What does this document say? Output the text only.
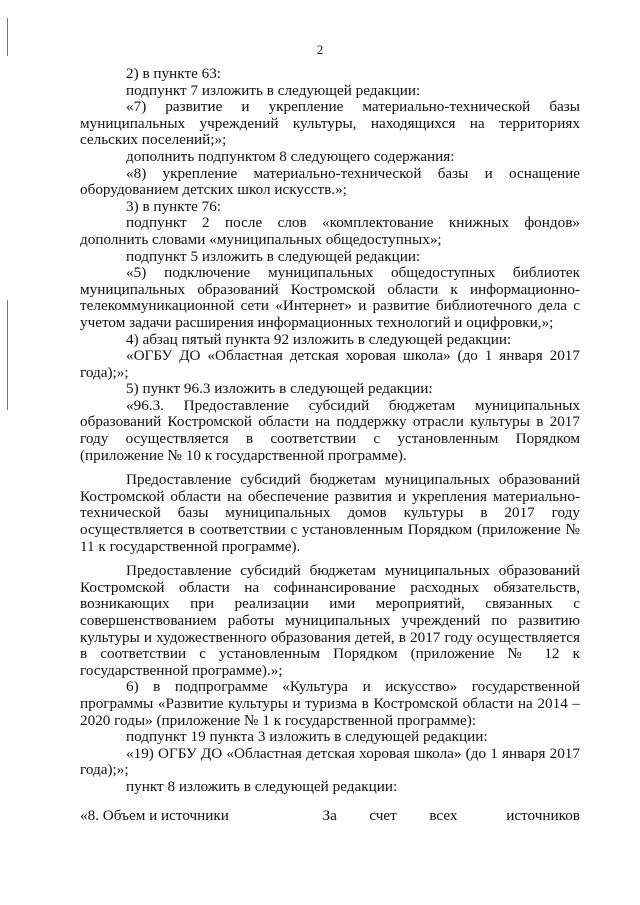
2

2) в пункте 63:

подпункт 7 изложить в следующей редакции:

«7) развитие и укрепление материально-технической базы муниципальных учреждений культуры, находящихся на территориях сельских поселений;»;

дополнить подпунктом 8 следующего содержания:

«8) укрепление материально-технической базы и оснащение оборудованием детских школ искусств.»;

3) в пункте 76:

подпункт 2 после слов «комплектование книжных фондов» дополнить словами «муниципальных общедоступных»;

подпункт 5 изложить в следующей редакции:

«5) подключение муниципальных общедоступных библиотек муниципальных образований Костромской области к информационно-телекоммуникационной сети «Интернет» и развитие библиотечного дела с учетом задачи расширения информационных технологий и оцифровки,»;

4) абзац пятый пункта 92 изложить в следующей редакции:

«ОГБУ ДО «Областная детская хоровая школа» (до 1 января 2017 года);»;

5) пункт 96.3 изложить в следующей редакции:

«96.3. Предоставление субсидий бюджетам муниципальных образований Костромской области на поддержку отрасли культуры в 2017 году осуществляется в соответствии с установленным Порядком (приложение № 10 к государственной программе).

Предоставление субсидий бюджетам муниципальных образований Костромской области на обеспечение развития и укрепления материально-технической базы муниципальных домов культуры в 2017 году осуществляется в соответствии с установленным Порядком (приложение № 11 к государственной программе).

Предоставление субсидий бюджетам муниципальных образований Костромской области на софинансирование расходных обязательств, возникающих при реализации ими мероприятий, связанных с совершенствованием работы муниципальных учреждений по развитию культуры и художественного образования детей, в 2017 году осуществляется в соответствии с установленным Порядком (приложение № 12 к государственной программе).»;

6) в подпрограмме «Культура и искусство» государственной программы «Развитие культуры и туризма в Костромской области на 2014 – 2020 годы» (приложение № 1 к государственной программе):

подпункт 19 пункта 3 изложить в следующей редакции:

«19) ОГБУ ДО «Областная детская хоровая школа» (до 1 января 2017 года);»;

пункт 8 изложить в следующей редакции:

«8. Объем и источники	За счет всех	источников
